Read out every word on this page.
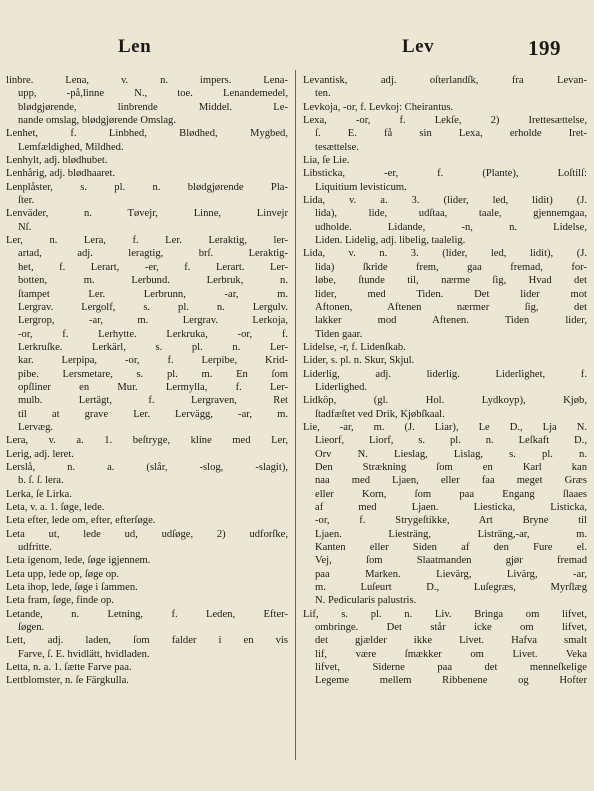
Len	Lev	199
linbre. Lena, v. n. impers. Lena-
upp, -på,linne N., toe. Lenandemedel,
blødgjørende, linbrende Middel. Le-
nande omslag, blødgjørende Omslag.
Lenhet, f. Linbhed, Blødhed, Mygbed,
Lemfældighed, Mildhed.
Lenhylt, adj. blødhubet.
Lenhårig, adj. blødhaaret.
Lenplåster, s. pl. n. blødgjørende Pla-
ſter.
Lenväder, n. Tøvejr, Linne, Linvejr
Nſ.
Ler, n. Lera, f. Ler. Leraktig, ler-
artad, adj. leragtig, brſ. Leraktig-
het, f. Lerart, -er, f. Lerart. Ler-
botten, m. Lerbund. Lerbruk, n.
ſtampet Ler. Lerbrunn, -ar, m.
Lergrav. Lergolf, s. pl. n. Lergulv.
Lergrop, -ar, m. Lergrav. Lerkoja,
-or, f. Lerhytte. Lerkruka, -or, f.
Lerkruſke. Lerkärl, s. pl. n. Ler-
kar. Lerpipa, -or, f. Lerpibe, Krid-
pibe. Lersmetare, s. pl. m. En ſom
opſliner en Mur. Lermylla, f. Ler-
mulb. Lertägt, f. Lergraven, Ret
til at grave Ler. Lervägg, -ar, m.
Lervæg.
Lera, v. a. 1. beſtryge, kline med Ler,
Lerig, adj. leret.
Lerslå, n. a. (slår, -slog, -slagit),
b. ſ. ſ. lera.
Lerka, ſe Lirka.
Leta, v. a. 1. ſøge, lede.
Leta efter, lede om, efter, efterſøge.
Leta ut, lede ud, udſøge, 2) udforſke,
udfritte.
Leta igenom, lede, ſøge igjennem.
Leta upp, lede op, ſøge op.
Leta ihop, lede, ſøge i ſammen.
Leta fram, ſøge, finde op.
Letande, n. Letning, f. Leden, Efter-
ſøgen.
Lett, adj. laden, ſom falder i en vis
Farve, ſ. E. hvidlätt, hvidladen.
Letta, n. a. 1. ſætte Farve paa.
Lettblomster, n. ſe Färgkulla.
Levantisk, adj. oſterlandſk, fra Levan-
ten.
Levkoja, -or, f. Levkoj: Cheirantus.
Lexa, -or, f. Lekſe, 2) Irettesættelse,
ſ. E. få sin Lexa, erholde Iret-
tesættelse.
Lia, ſe Lie.
Libsticka, -er, f. (Plante), Loſtilſ:
Liquitium levisticum.
Lida, v. a. 3. (lider, led, lidit) (J.
lida), lide, udſtaa, taale, gjennemgaa,
udholde. Lidande, -n, n. Lidelse,
Liden. Lidelig, adj. libelig, taalelig.
Lida, v. n. 3. (lider, led, lidit), (J.
lida) ſkride frem, gaa fremad, for-
løbe, ſtunde til, nærme ſig, Hvad det
lider, med Tiden. Det lider mot
Aftonen, Aftenen nærmer ſig, det
lakker mod Aftenen. Tiden lider,
Tiden gaar.
Lidelse, -r, f. Lidenſkab.
Lider, s. pl. n. Skur, Skjul.
Liderlig, adj. liderlig. Liderlighet, f.
Liderlighed.
Lidköp, (gl. Hol. Lydkoyp), Kjøb,
ſtadfæſtet ved Drik, Kjøbſkaal.
Lie, -ar, m. (J. Liar), Le D., Lja N.
Lieorf, Liorf, s. pl. n. Leſkaft D.,
Orv N. Lieslag, Lislag, s. pl. n.
Den Strækning ſom en Karl kan
naa med Ljaen, eller faa meget Græs
eller Korn, ſom paa Engang ſlaaes
af med Ljaen. Liesticka, Listicka,
-or, f. Strygeſtikke, Art Bryne til
Ljaen. Liesträng, Listräng,-ar, m.
Kanten eller Siden af den Fure el.
Vej, ſom Slaatmanden gjør fremad
paa Marken. Lievärg, Livärg, -ar,
m. Luſeurt D., Luſegræs, Myrſlæg
N. Pedicularis palustris.
Lif, s. pl. n. Liv. Bringa om lifvet,
ombringe. Det står icke om lifvet,
det gjælder ikke Livet. Hafva smalt
lif, være ſmækker om Livet. Veka
lifvet, Siderne paa det menneſkelige
Legeme mellem Ribbenene og Hofter
